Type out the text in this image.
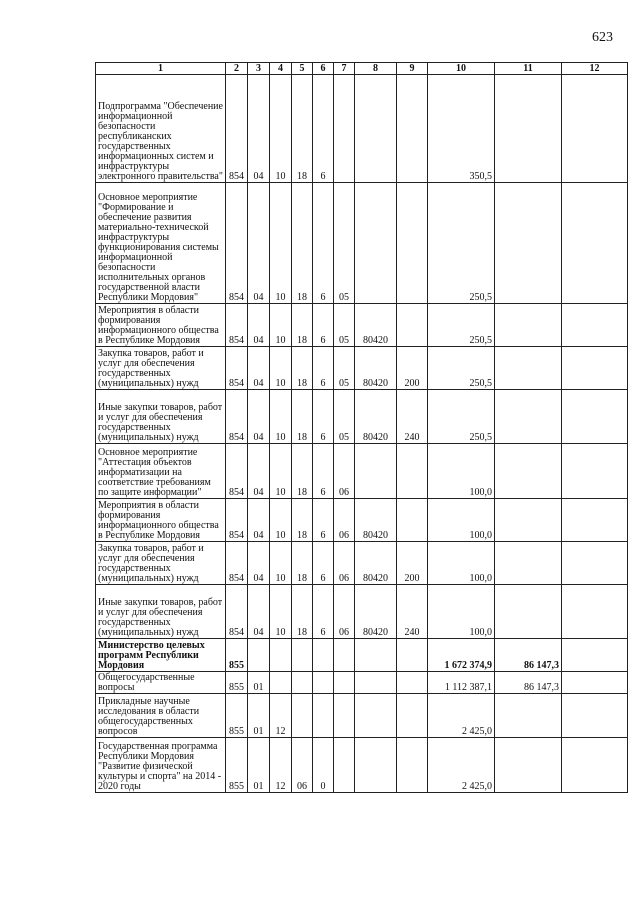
623
1	2	3	4	5	6	7	8	9	10	11	12
Подпрограмма "Обеспечение информационной безопасности республиканских государственных информационных систем и инфраструктуры электронного правительства"	854	04	10	18	6				350,5		
Основное мероприятие "Формирование и обеспечение развития материально-технической инфраструктуры функционирования системы информационной безопасности исполнительных органов государственной власти Республики Мордовия"	854	04	10	18	6	05			250,5		
Мероприятия в области формирования информационного общества в Республике Мордовия	854	04	10	18	6	05	80420		250,5		
Закупка товаров, работ и услуг для обеспечения государственных (муниципальных) нужд	854	04	10	18	6	05	80420	200	250,5		
Иные закупки товаров, работ и услуг для обеспечения государственных (муниципальных) нужд	854	04	10	18	6	05	80420	240	250,5		
Основное мероприятие "Аттестация объектов информатизации на соответствие требованиям по защите информации"	854	04	10	18	6	06			100,0		
Мероприятия в области формирования информационного общества в Республике Мордовия	854	04	10	18	6	06	80420		100,0		
Закупка товаров, работ и услуг для обеспечения государственных (муниципальных) нужд	854	04	10	18	6	06	80420	200	100,0		
Иные закупки товаров, работ и услуг для обеспечения государственных (муниципальных) нужд	854	04	10	18	6	06	80420	240	100,0		
Министерство целевых программ Республики Мордовия	855								1 672 374,9	86 147,3	
Общегосударственные вопросы	855	01							1 112 387,1	86 147,3	
Прикладные научные исследования в области общегосударственных вопросов	855	01	12						2 425,0		
Государственная программа Республики Мордовия "Развитие физической культуры и спорта" на 2014 - 2020 годы	855	01	12	06	0				2 425,0		
